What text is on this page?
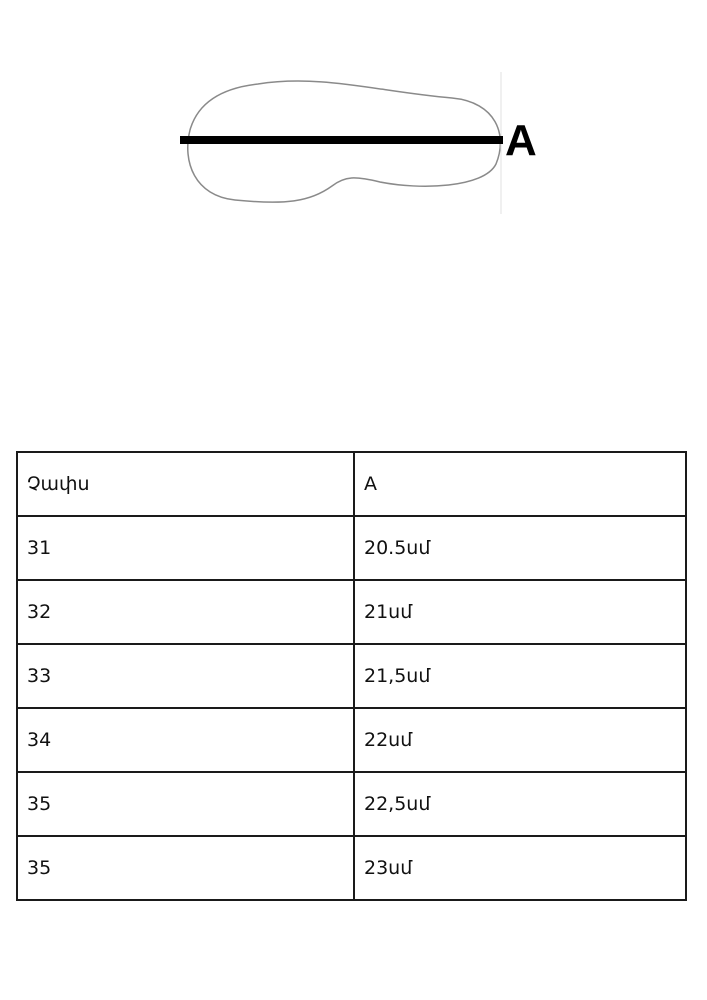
A
Չափս	A
31	20.5սմ
32	21սմ
33	21,5սմ
34	22սմ
35	22,5սմ
35	23սմ
